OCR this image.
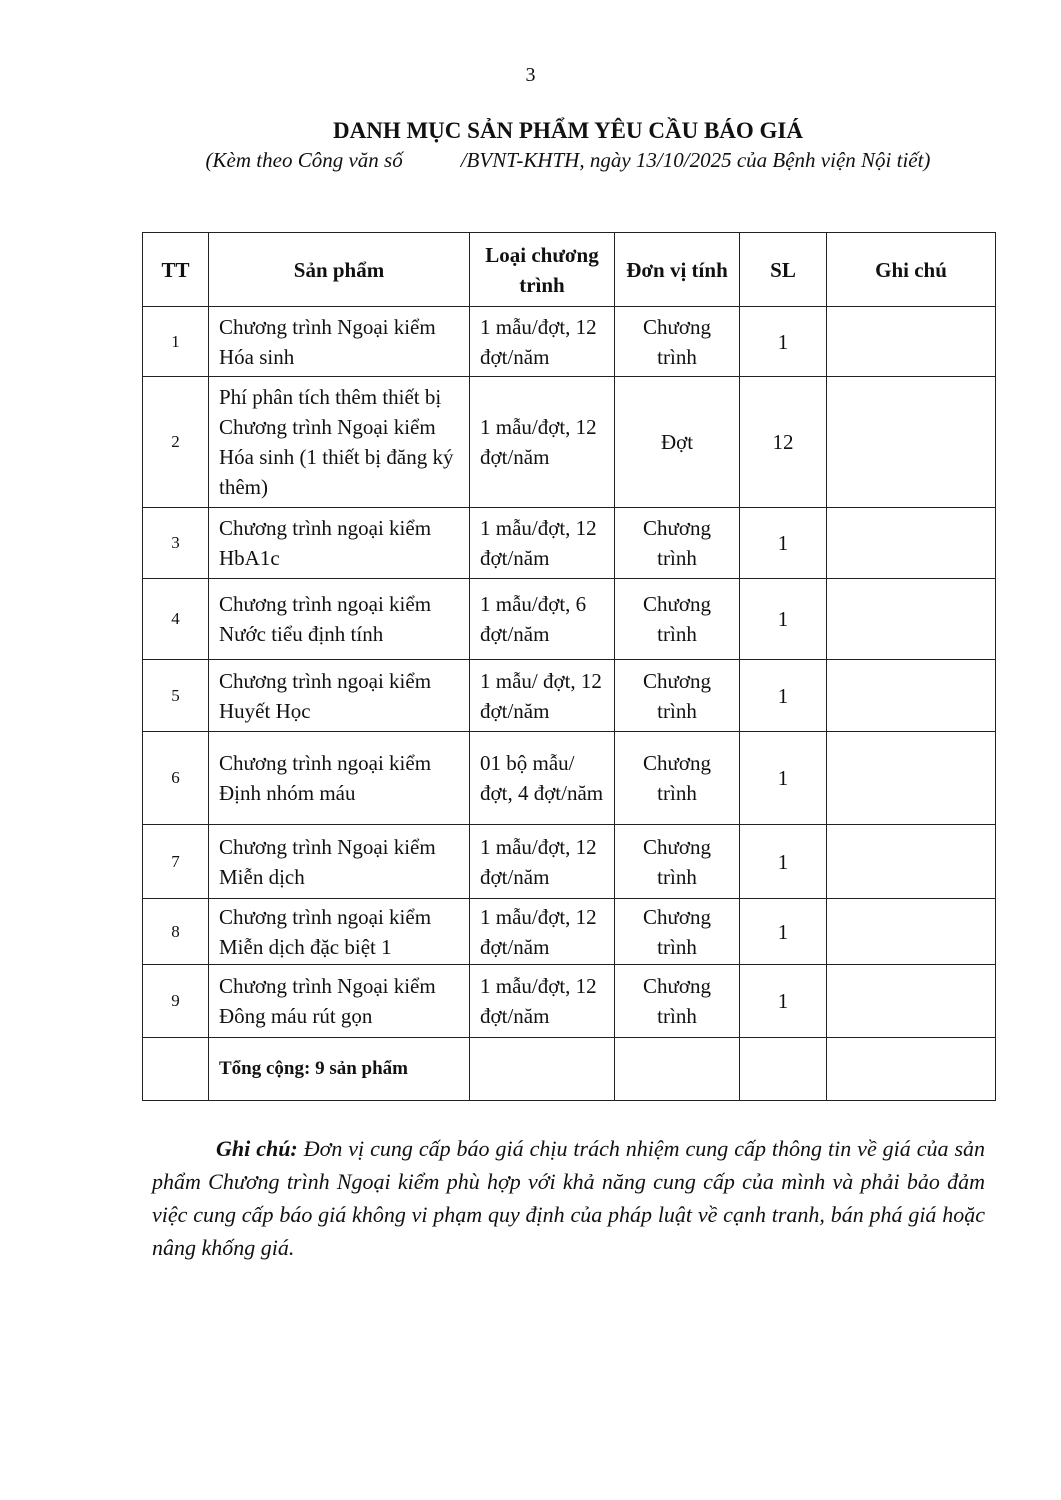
3
DANH MỤC SẢN PHẨM YÊU CẦU BÁO GIÁ
(Kèm theo Công văn số	/BVNT-KHTH, ngày 13/10/2025 của Bệnh viện Nội tiết)
TT	Sản phẩm	Loại chương trình	Đơn vị tính	SL	Ghi chú
1	Chương trình Ngoại kiểm Hóa sinh	1 mẫu/đợt, 12 đợt/năm	Chương trình	1	
2	Phí phân tích thêm thiết bị Chương trình Ngoại kiểm Hóa sinh (1 thiết bị đăng ký thêm)	1 mẫu/đợt, 12 đợt/năm	Đợt	12	
3	Chương trình ngoại kiểm HbA1c	1 mẫu/đợt, 12 đợt/năm	Chương trình	1	
4	Chương trình ngoại kiểm Nước tiểu định tính	1 mẫu/đợt, 6 đợt/năm	Chương trình	1	
5	Chương trình ngoại kiểm Huyết Học	1 mẫu/ đợt, 12 đợt/năm	Chương trình	1	
6	Chương trình ngoại kiểm Định nhóm máu	01 bộ mẫu/ đợt, 4 đợt/năm	Chương trình	1	
7	Chương trình Ngoại kiểm Miễn dịch	1 mẫu/đợt, 12 đợt/năm	Chương trình	1	
8	Chương trình ngoại kiểm Miễn dịch đặc biệt 1	1 mẫu/đợt, 12 đợt/năm	Chương trình	1	
9	Chương trình Ngoại kiểm Đông máu rút gọn	1 mẫu/đợt, 12 đợt/năm	Chương trình	1	
	Tổng cộng: 9 sản phẩm				
Ghi chú: Đơn vị cung cấp báo giá chịu trách nhiệm cung cấp thông tin về giá của sản phẩm Chương trình Ngoại kiểm phù hợp với khả năng cung cấp của mình và phải bảo đảm việc cung cấp báo giá không vi phạm quy định của pháp luật về cạnh tranh, bán phá giá hoặc nâng khống giá.
